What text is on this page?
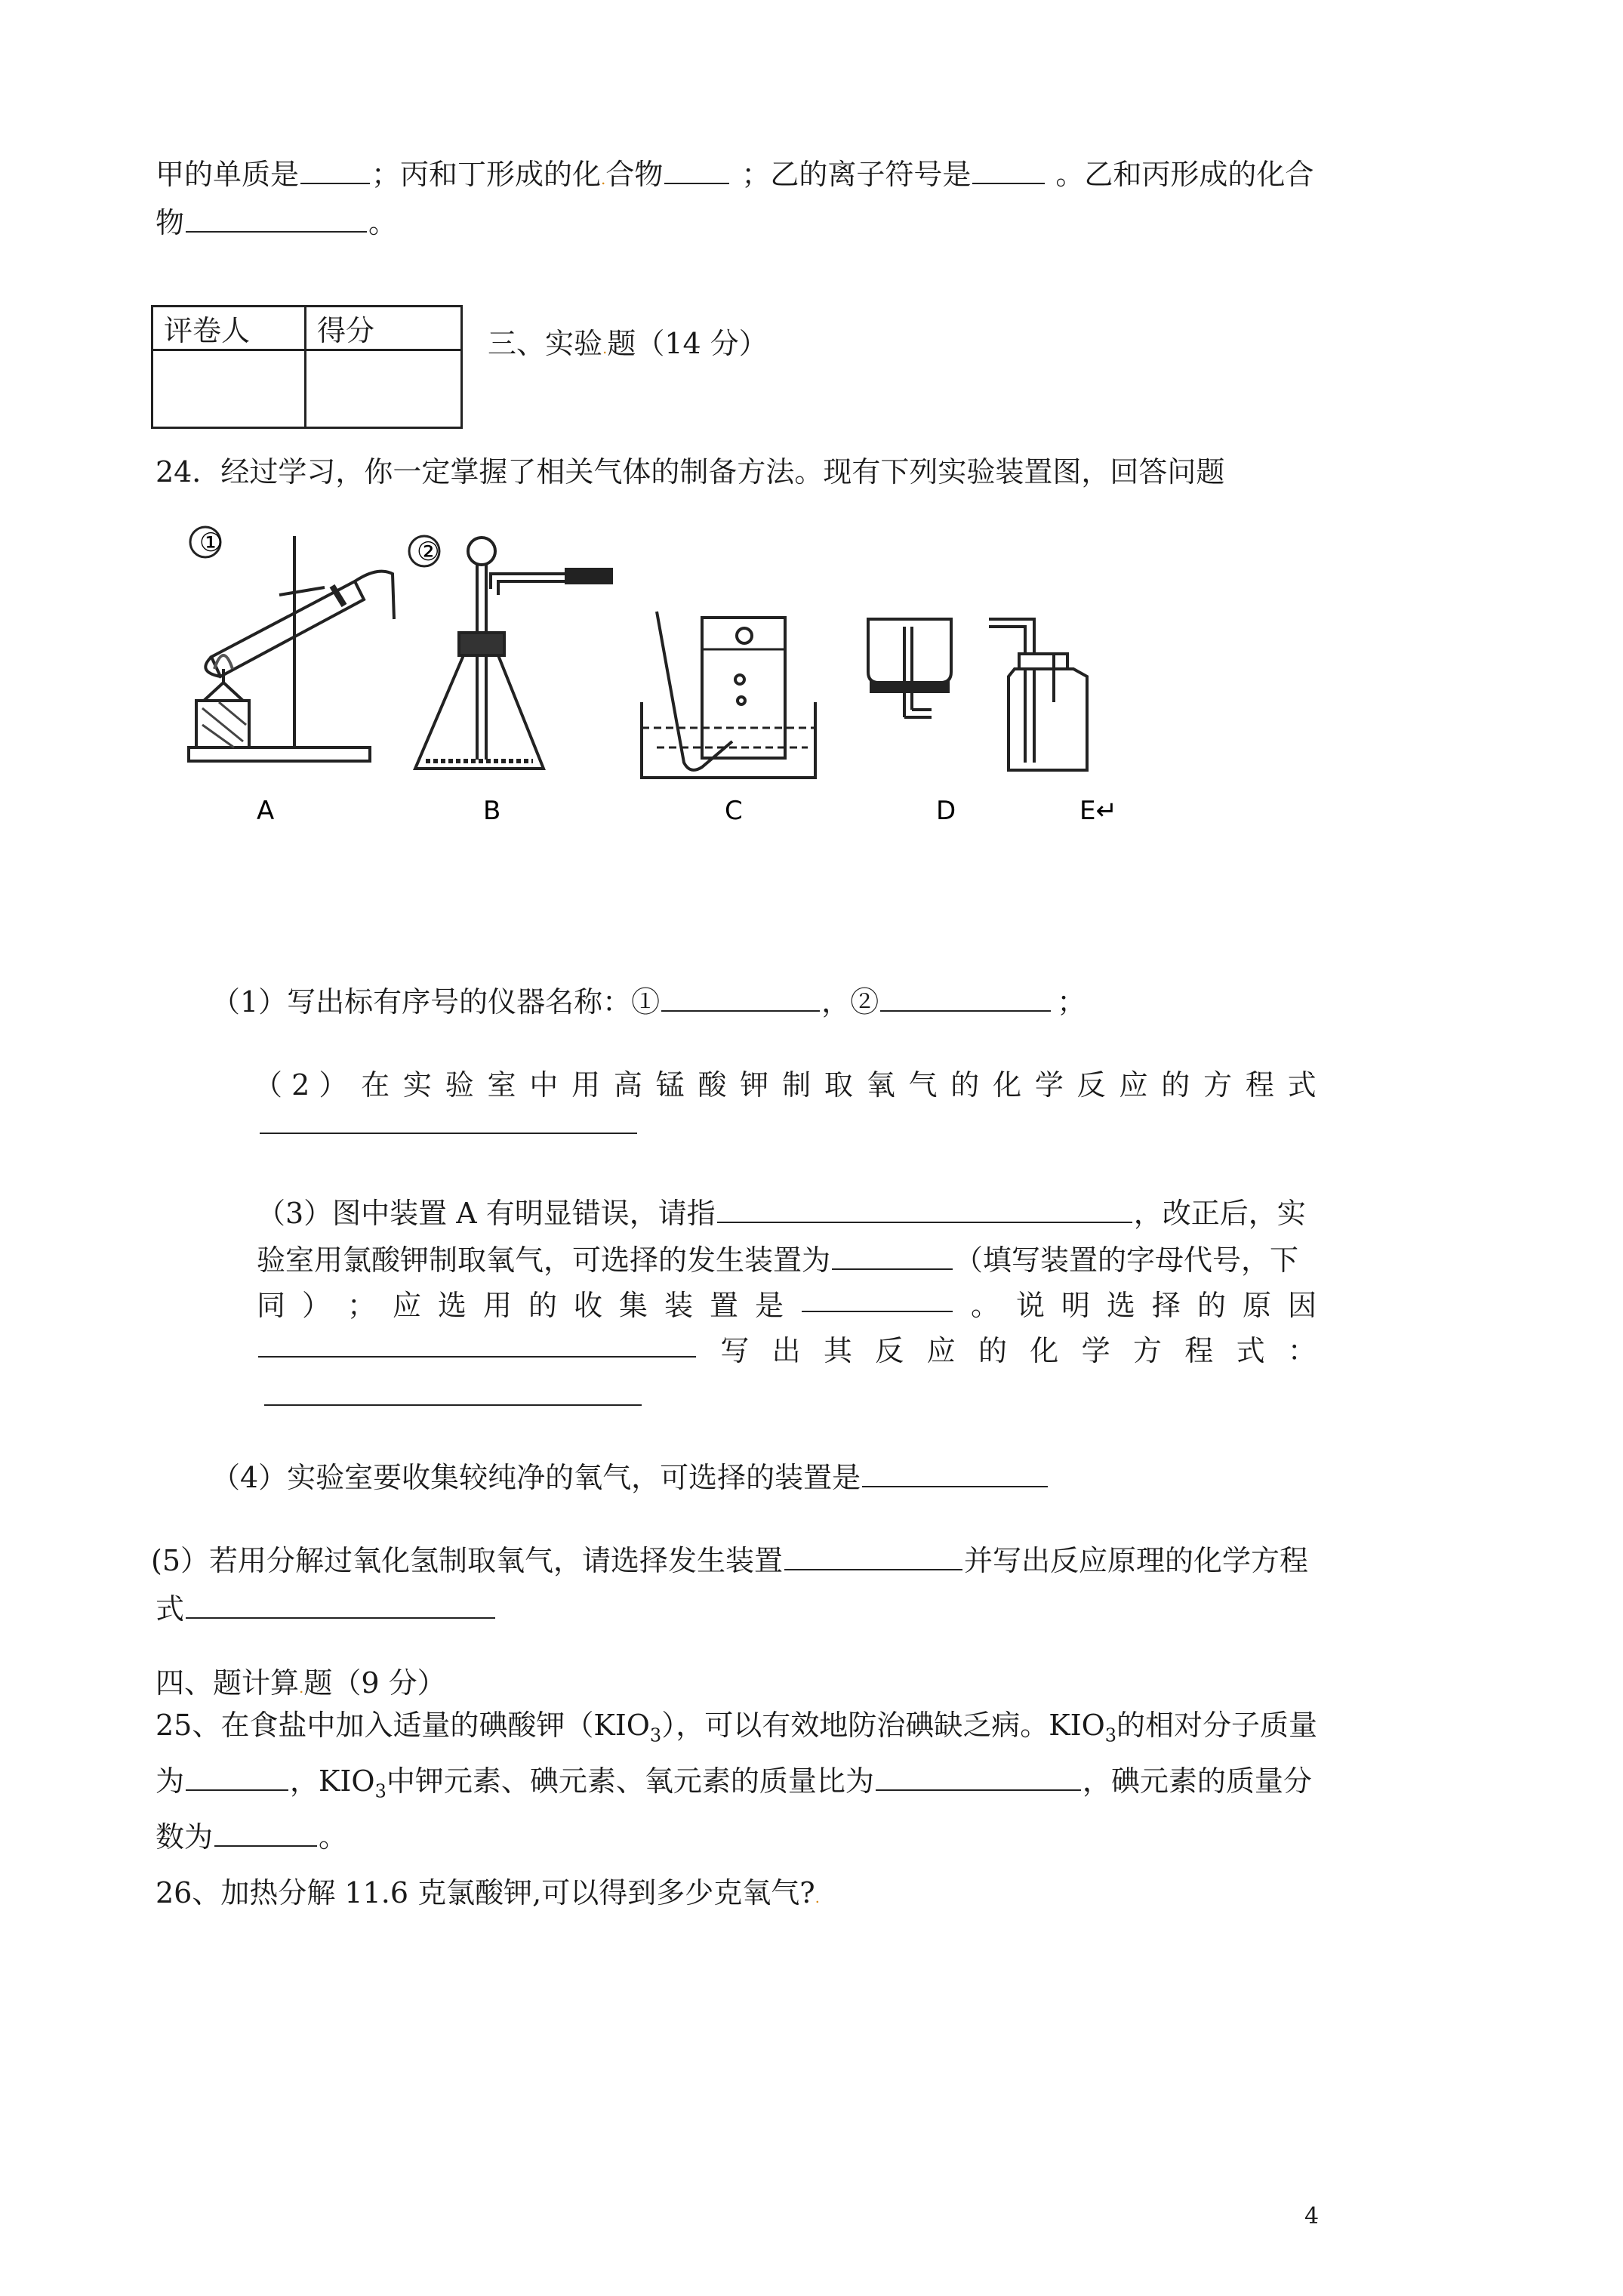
甲的单质是	；丙和丁形成的化.合物	；乙的离子符号是	。乙和丙形成的化合
物	。
评卷人	得分
		三、实验.题（14 分）
24．经过学习，你一定掌握了相关气体的制备方法。现有下列实验装置图，回答问题
①	②
A	B	C	D	E↵
（1）写出标有序号的仪器名称：①	，②	；
（ 2 ） 在 实 验 室 中 用 高 锰 酸 钾 制 取 氧 气 的 化 学 反 应 的 方 程 式
（3）图中装置 A 有明显错误，请指	，改正后，实
验室用氯酸钾制取氧气，可选择的发生装置为	（填写装置的字母代号，下
同 ） ； 应 选 用 的 收 集 装 置 是	。 说 明 选 择 的 原 因
写 出 其 反 应 的 化 学 方 程 式 ：
（4）实验室要收集较纯净的氧气，可选择的装置是
(5）若用分解过氧化氢制取氧气，请选择发生装置	并写出反应原理的化学方程
式
四、题计算.题（9 分）
25、在食盐中加入适量的碘酸钾$(KIO_3)$，可以有效地防治碘缺乏病。$KIO_3$的相对分子质量
为	，$KIO_3$中钾元素、碘元素、氧元素的质量比为	，碘元素的质量分
数为	。
26、加热分解 11.6 克氯酸钾,可以得到多少克氧气?.
4
